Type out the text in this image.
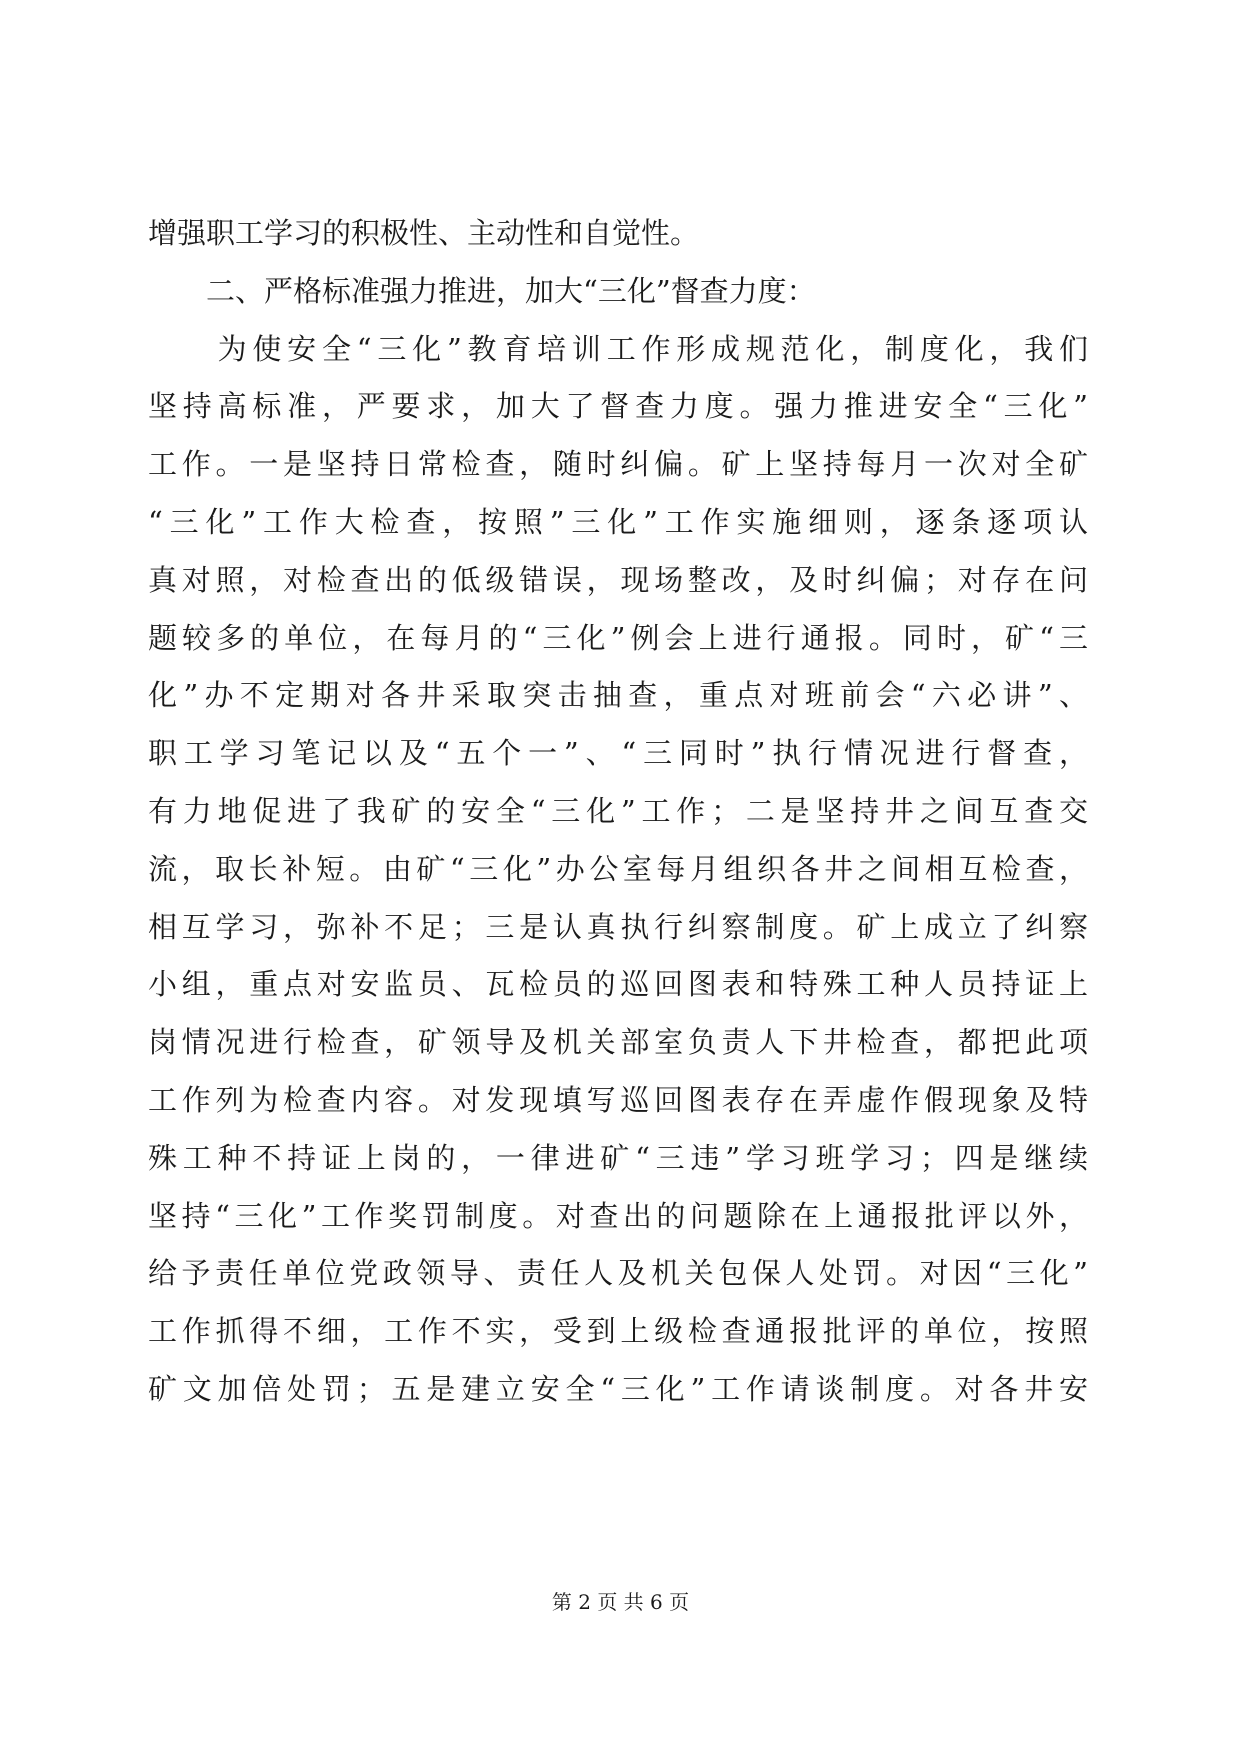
增强职工学习的积极性、主动性和自觉性。
　　二、严格标准强力推进，加大“三化”督查力度：
　　为使安全“三化”教育培训工作形成规范化，制度化，我们
坚持高标准，严要求，加大了督查力度。强力推进安全“三化”
工作。一是坚持日常检查，随时纠偏。矿上坚持每月一次对全矿
“三化”工作大检查，按照”三化”工作实施细则，逐条逐项认
真对照，对检查出的低级错误，现场整改，及时纠偏；对存在问
题较多的单位，在每月的“三化”例会上进行通报。同时，矿“三
化”办不定期对各井采取突击抽查，重点对班前会“六必讲”、
职工学习笔记以及“五个一”、“三同时”执行情况进行督查，
有力地促进了我矿的安全“三化”工作；二是坚持井之间互查交
流，取长补短。由矿“三化”办公室每月组织各井之间相互检查，
相互学习，弥补不足；三是认真执行纠察制度。矿上成立了纠察
小组，重点对安监员、瓦检员的巡回图表和特殊工种人员持证上
岗情况进行检查，矿领导及机关部室负责人下井检查，都把此项
工作列为检查内容。对发现填写巡回图表存在弄虚作假现象及特
殊工种不持证上岗的，一律进矿“三违”学习班学习；四是继续
坚持“三化”工作奖罚制度。对查出的问题除在上通报批评以外，
给予责任单位党政领导、责任人及机关包保人处罚。对因“三化”
工作抓得不细，工作不实，受到上级检查通报批评的单位，按照
矿文加倍处罚；五是建立安全“三化”工作请谈制度。对各井安
第 2 页 共 6 页
